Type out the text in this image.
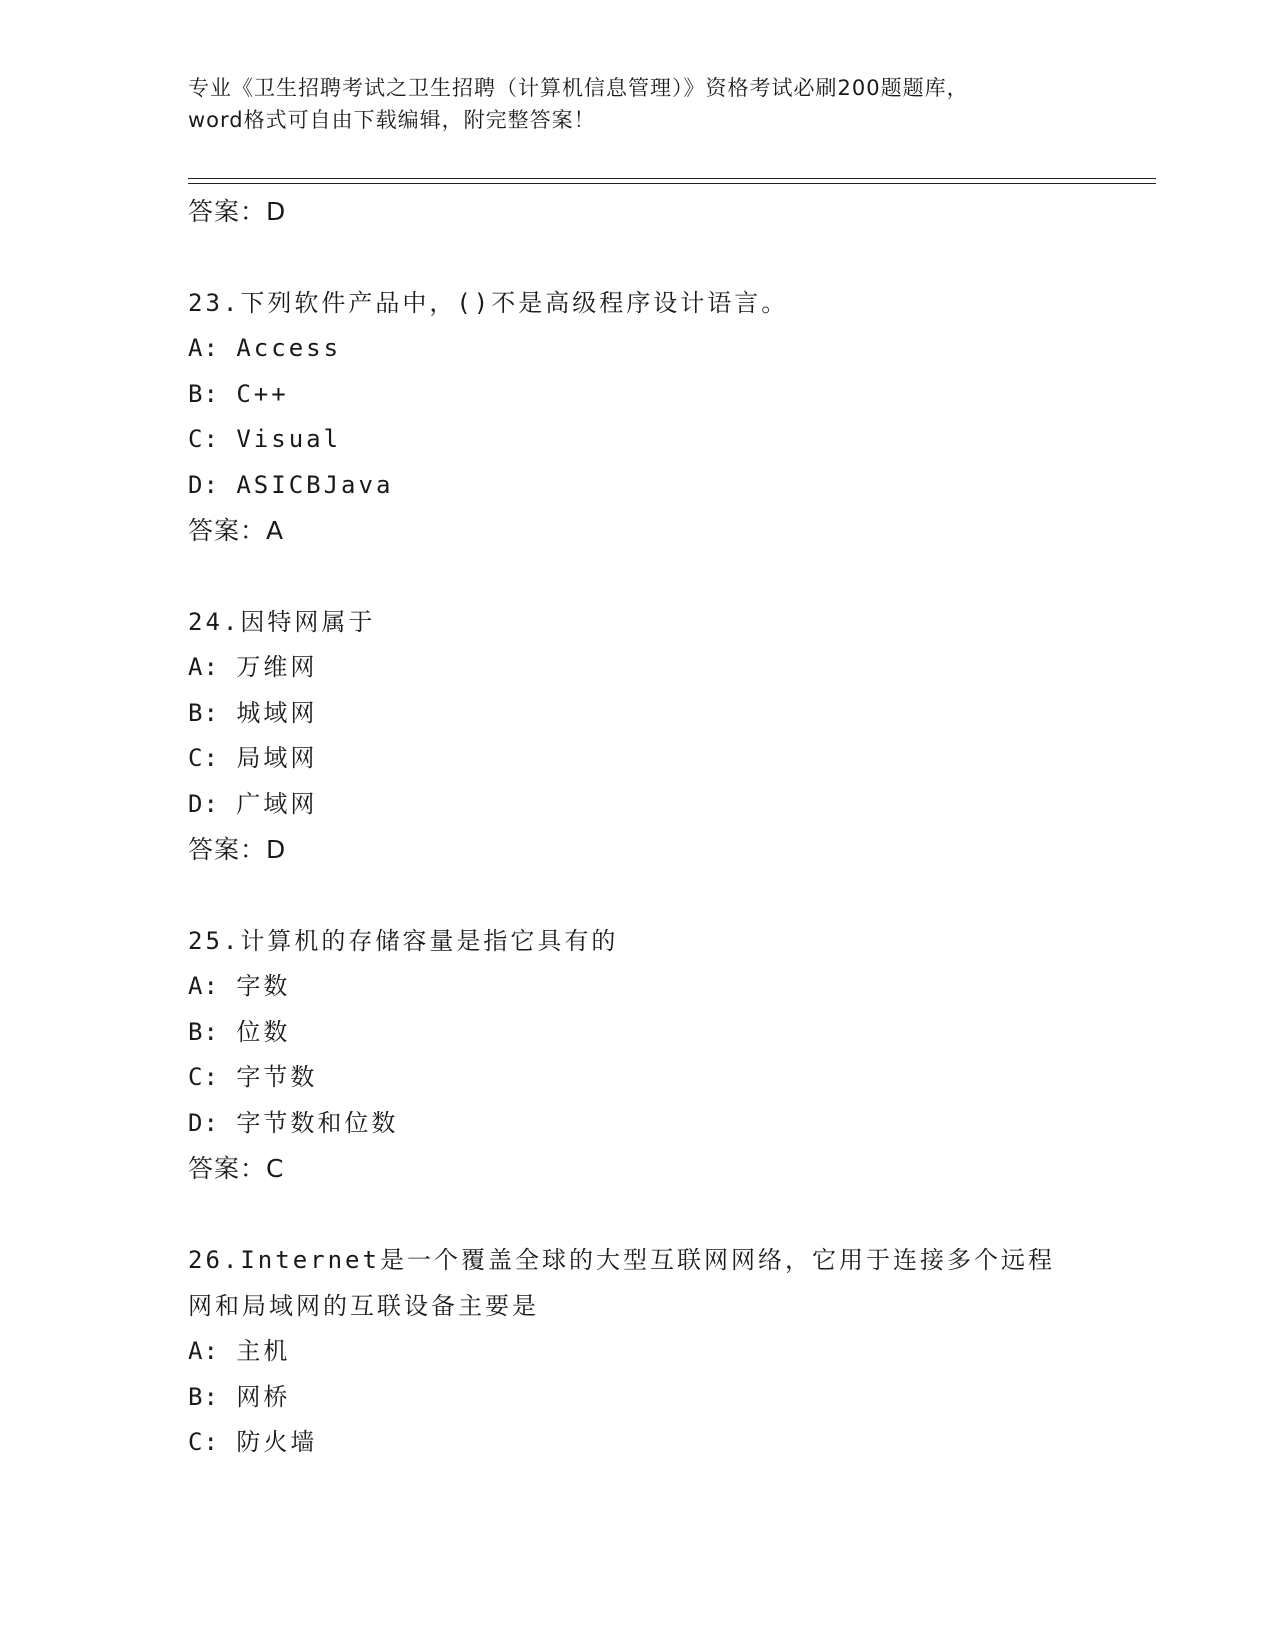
专业《卫生招聘考试之卫生招聘（计算机信息管理）》资格考试必刷200题题库，
word格式可自由下载编辑，附完整答案！
答案：D
23.下列软件产品中，()不是高级程序设计语言。
A: Access
B: C++
C: Visual
D: ASICBJava
答案：A
24.因特网属于
A: 万维网
B: 城域网
C: 局域网
D: 广域网
答案：D
25.计算机的存储容量是指它具有的
A: 字数
B: 位数
C: 字节数
D: 字节数和位数
答案：C
26.Internet是一个覆盖全球的大型互联网网络，它用于连接多个远程
网和局域网的互联设备主要是
A: 主机
B: 网桥
C: 防火墙
